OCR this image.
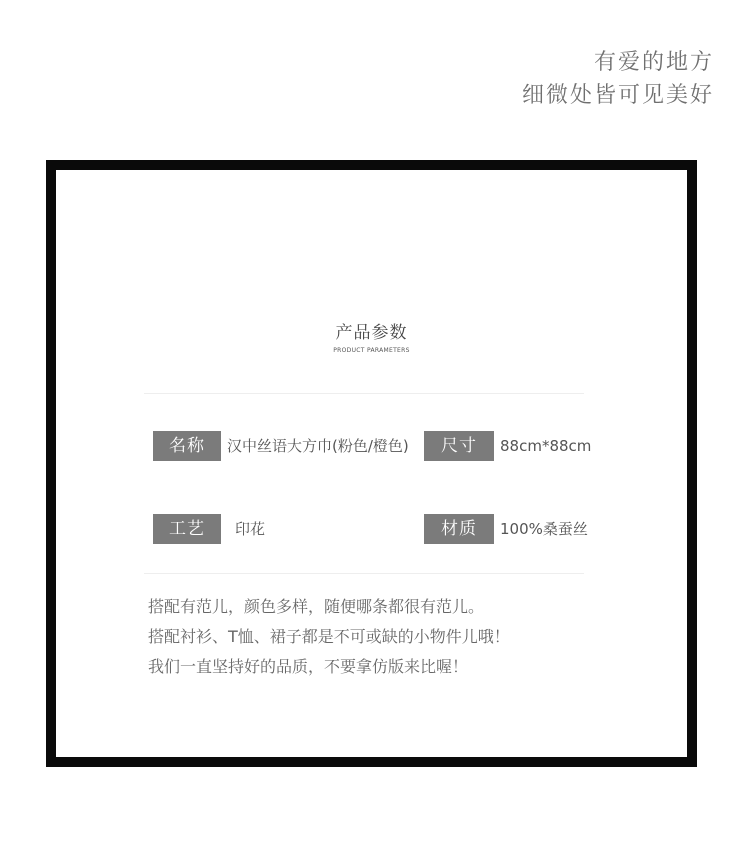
有爱的地方
细微处皆可见美好
产品参数
PRODUCT PARAMETERS
名称	汉中丝语大方巾(粉色/橙色)	尺寸	88cm*88cm
工艺	印花	材质	100%桑蚕丝
搭配有范儿，颜色多样，随便哪条都很有范儿。
搭配衬衫、T恤、裙子都是不可或缺的小物件儿哦！
我们一直坚持好的品质，不要拿仿版来比喔！
